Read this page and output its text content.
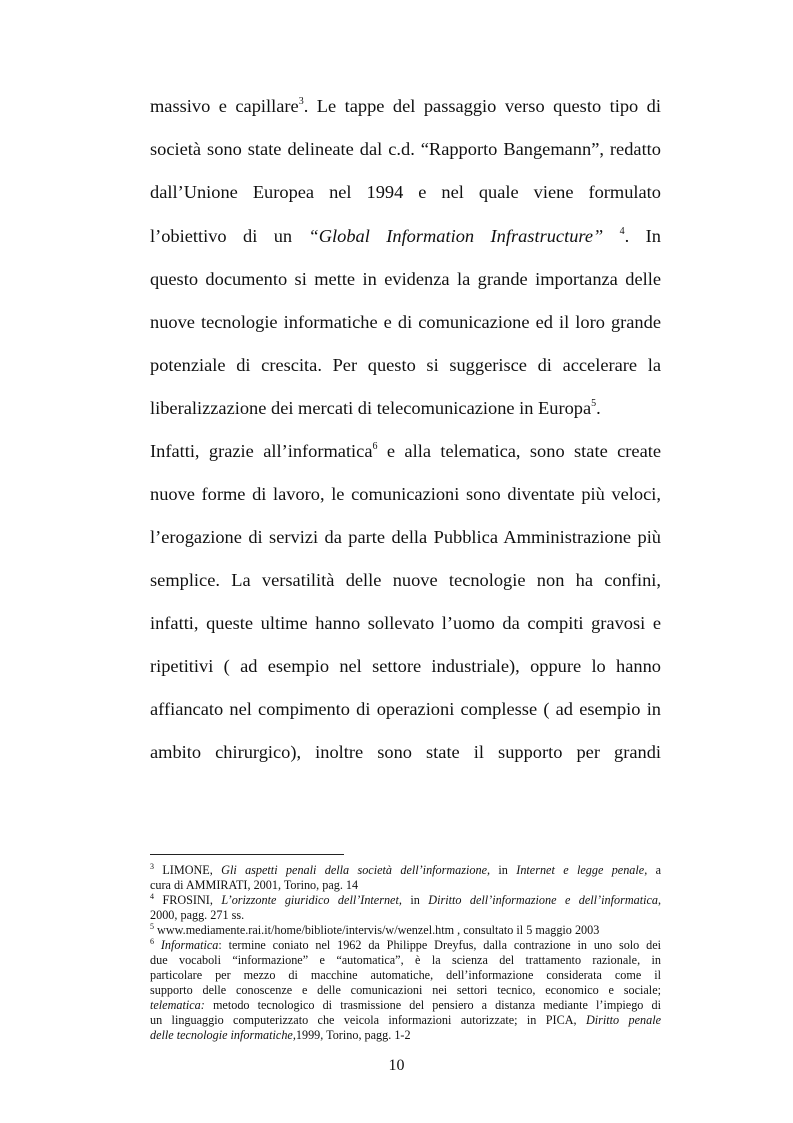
massivo e capillare$^3$. Le tappe del passaggio verso questo tipo di
società sono state delineate dal c.d. “Rapporto Bangemann”, redatto
dall’Unione Europea nel 1994 e nel quale viene formulato
l’obiettivo di un “Global Information Infrastructure” $^4$. In
questo documento si mette in evidenza la grande importanza delle
nuove tecnologie informatiche e di comunicazione ed il loro grande
potenziale di crescita. Per questo si suggerisce di accelerare la
liberalizzazione dei mercati di telecomunicazione in Europa$^5$.
Infatti, grazie all’informatica$^6$ e alla telematica, sono state create
nuove forme di lavoro, le comunicazioni sono diventate più veloci,
l’erogazione di servizi da parte della Pubblica Amministrazione più
semplice. La versatilità delle nuove tecnologie non ha confini,
infatti, queste ultime hanno sollevato l’uomo da compiti gravosi e
ripetitivi ( ad esempio nel settore industriale), oppure lo hanno
affiancato nel compimento di operazioni complesse ( ad esempio in
ambito chirurgico), inoltre sono state il supporto per grandi
$^3$ LIMONE, Gli aspetti penali della società dell’informazione, in Internet e legge penale, a
cura di AMMIRATI, 2001, Torino, pag. 14
$^4$ FROSINI, L’orizzonte giuridico dell’Internet, in Diritto dell’informazione e dell’informatica,
2000, pagg. 271 ss.
$^5$ www.mediamente.rai.it/home/bibliote/intervis/w/wenzel.htm , consultato il 5 maggio 2003
$^6$ Informatica: termine coniato nel 1962 da Philippe Dreyfus, dalla contrazione in uno solo dei
due vocaboli “informazione” e “automatica”, è la scienza del trattamento razionale, in
particolare per mezzo di macchine automatiche, dell’informazione considerata come il
supporto delle conoscenze e delle comunicazioni nei settori tecnico, economico e sociale;
telematica: metodo tecnologico di trasmissione del pensiero a distanza mediante l’impiego di
un linguaggio computerizzato che veicola informazioni autorizzate; in PICA, Diritto penale
delle tecnologie informatiche,1999, Torino, pagg. 1-2
10
